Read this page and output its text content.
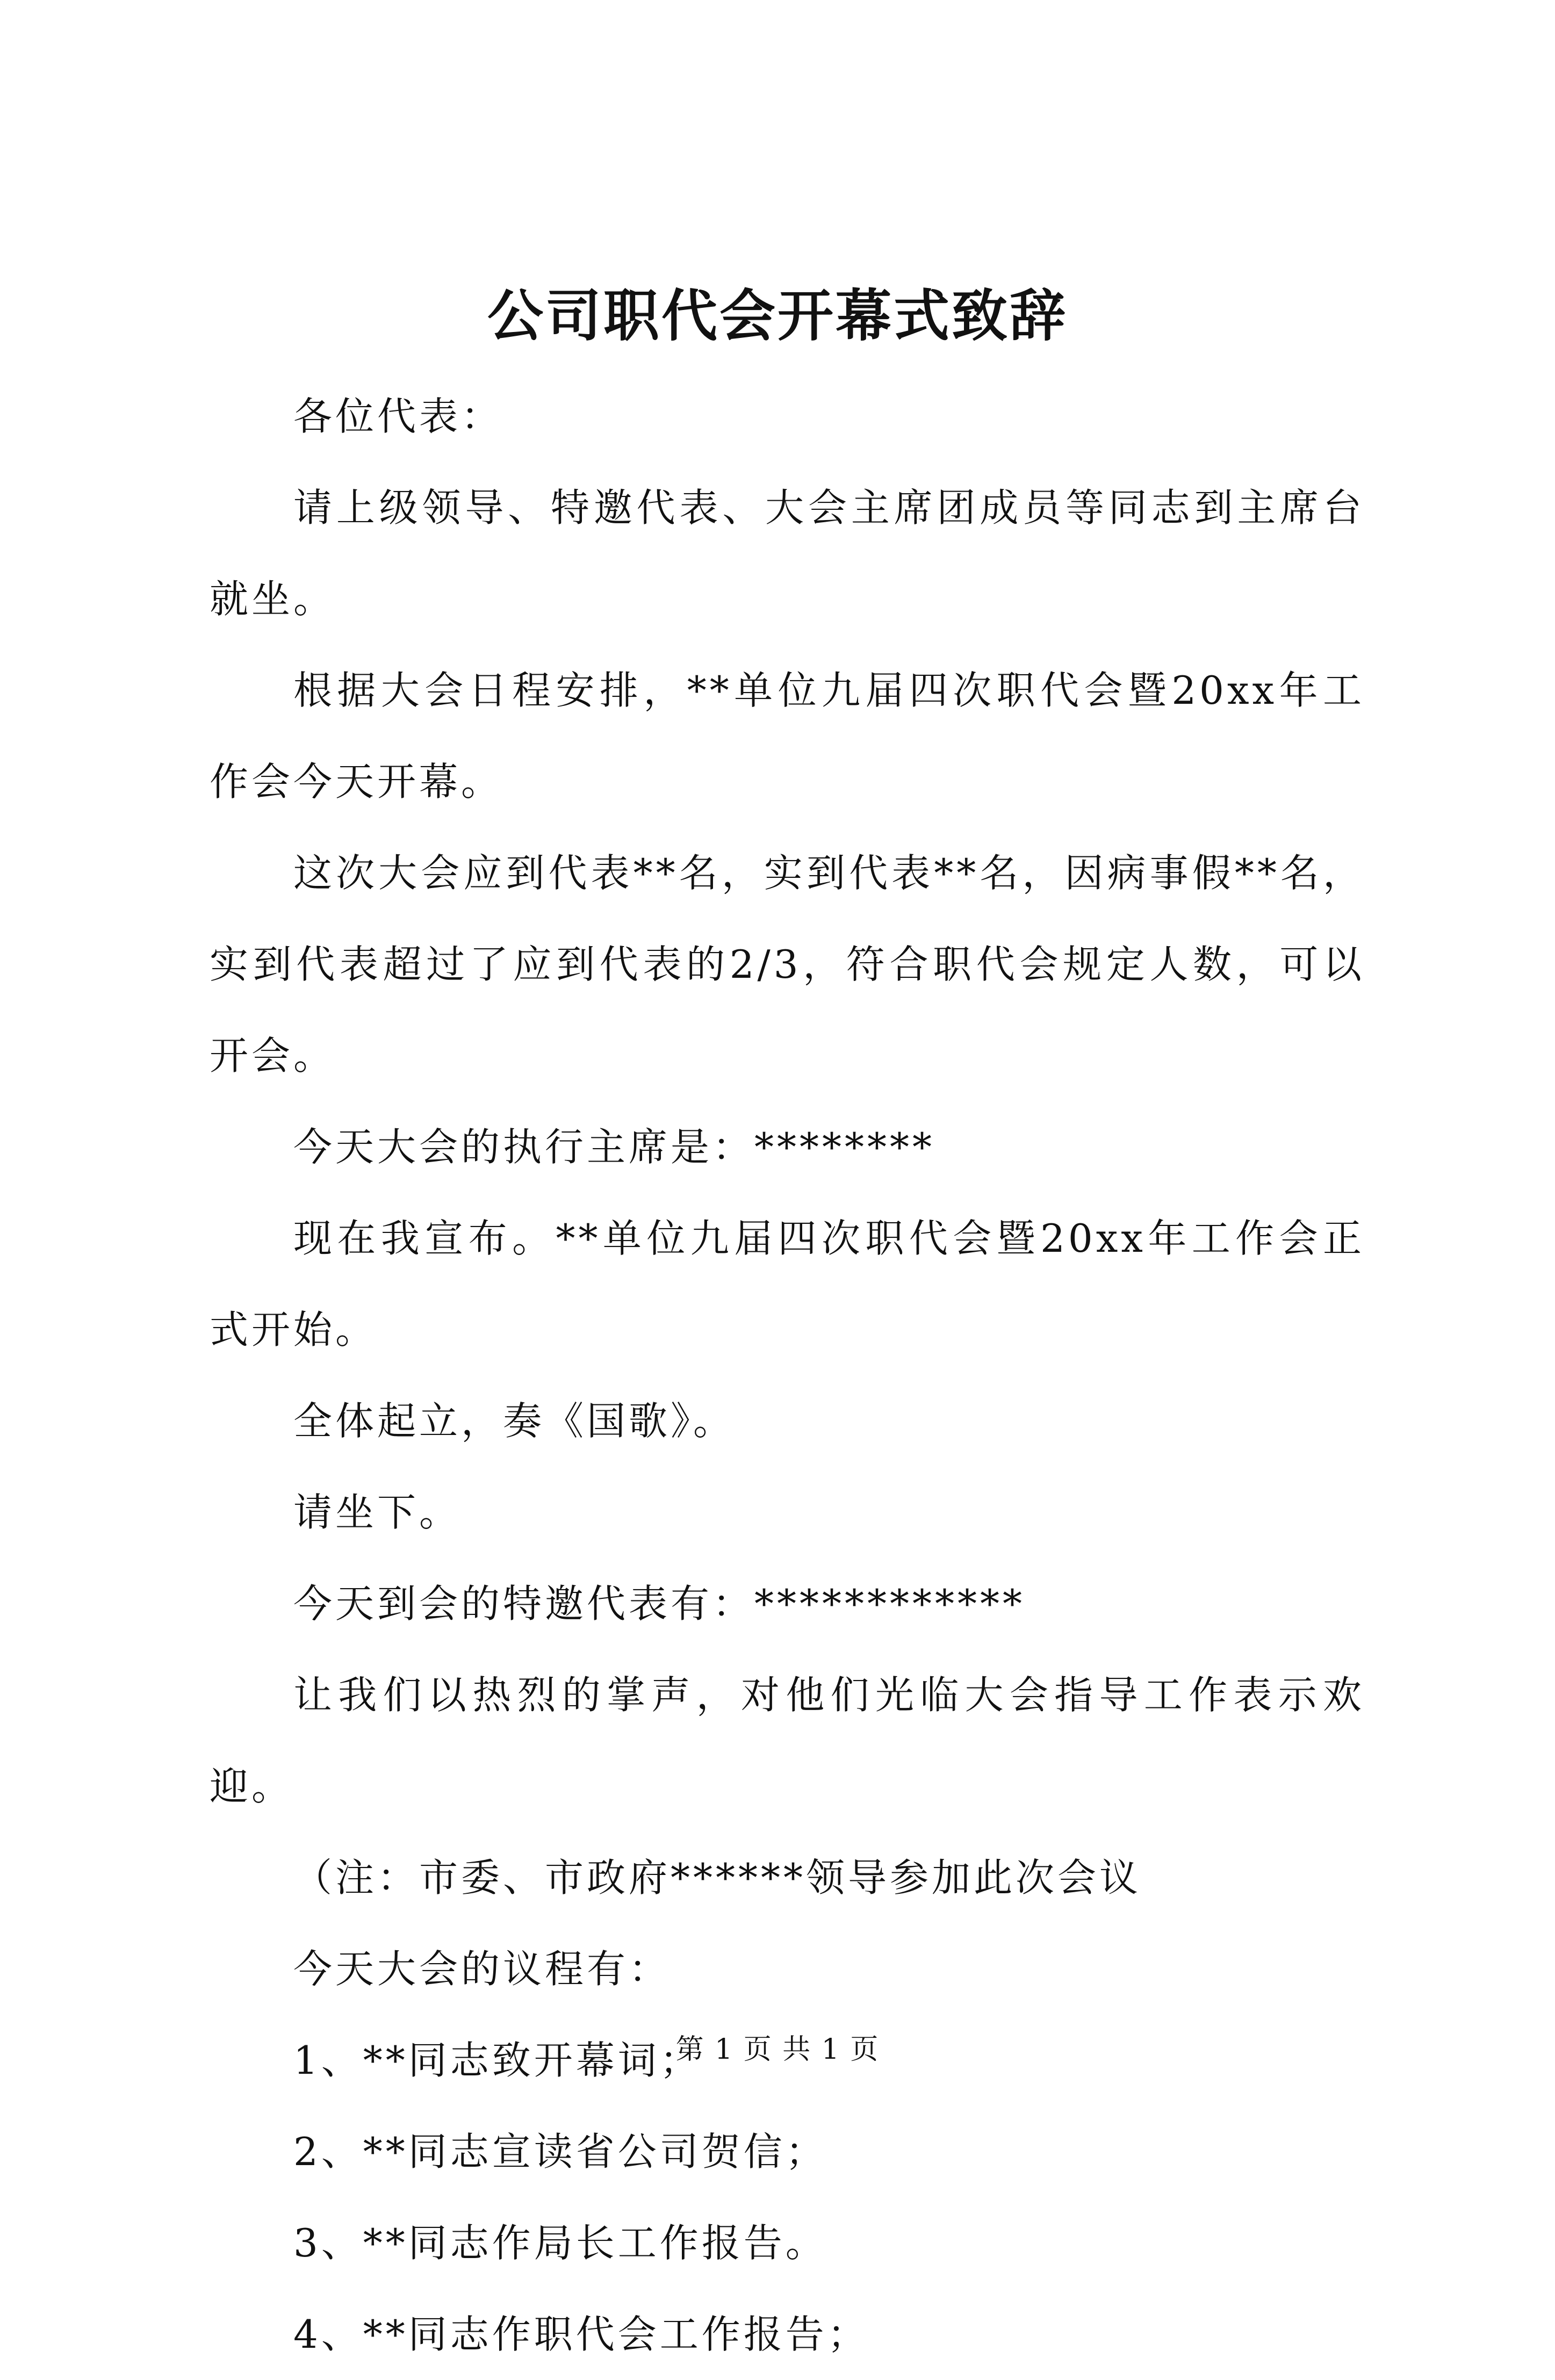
公司职代会开幕式致辞

各位代表：

请上级领导、特邀代表、大会主席团成员等同志到主席台就坐。

根据大会日程安排，**单位九届四次职代会暨20xx年工作会今天开幕。

这次大会应到代表**名，实到代表**名，因病事假**名，实到代表超过了应到代表的2/3，符合职代会规定人数，可以开会。

今天大会的执行主席是：********

现在我宣布。**单位九届四次职代会暨20xx年工作会正式开始。

全体起立，奏《国歌》。

请坐下。

今天到会的特邀代表有：************

让我们以热烈的掌声，对他们光临大会指导工作表示欢迎。

（注：市委、市政府******领导参加此次会议

今天大会的议程有：

1、**同志致开幕词；

2、**同志宣读省公司贺信；

3、**同志作局长工作报告。

4、**同志作职代会工作报告；

第 1 页 共 1 页
